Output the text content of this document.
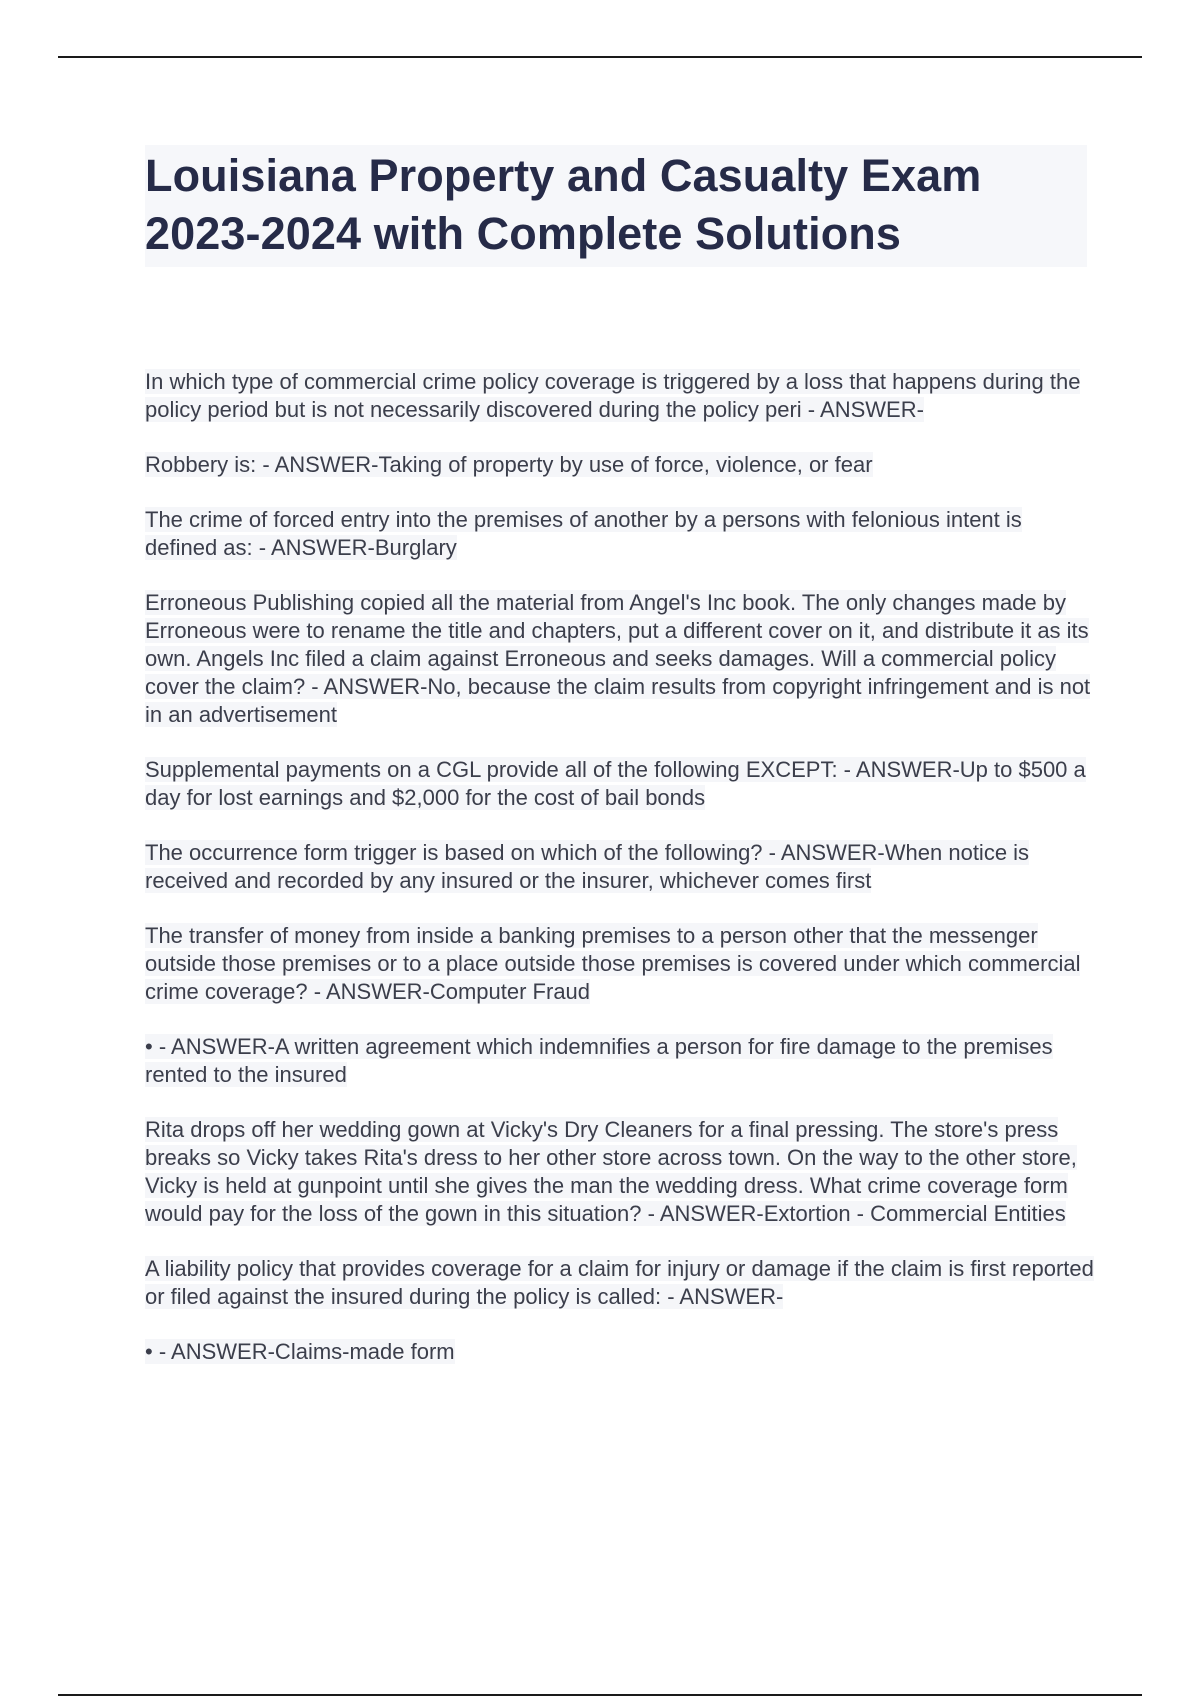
Louisiana Property and Casualty Exam 2023-2024 with Complete Solutions

In which type of commercial crime policy coverage is triggered by a loss that happens during the policy period but is not necessarily discovered during the policy peri - ANSWER-

Robbery is: - ANSWER-Taking of property by use of force, violence, or fear

The crime of forced entry into the premises of another by a persons with felonious intent is defined as: - ANSWER-Burglary

Erroneous Publishing copied all the material from Angel's Inc book. The only changes made by Erroneous were to rename the title and chapters, put a different cover on it, and distribute it as its own. Angels Inc filed a claim against Erroneous and seeks damages. Will a commercial policy cover the claim? - ANSWER-No, because the claim results from copyright infringement and is not in an advertisement

Supplemental payments on a CGL provide all of the following EXCEPT: - ANSWER-Up to $500 a day for lost earnings and $2,000 for the cost of bail bonds

The occurrence form trigger is based on which of the following? - ANSWER-When notice is received and recorded by any insured or the insurer, whichever comes first

The transfer of money from inside a banking premises to a person other that the messenger outside those premises or to a place outside those premises is covered under which commercial crime coverage? - ANSWER-Computer Fraud

• - ANSWER-A written agreement which indemnifies a person for fire damage to the premises rented to the insured

Rita drops off her wedding gown at Vicky's Dry Cleaners for a final pressing. The store's press breaks so Vicky takes Rita's dress to her other store across town. On the way to the other store, Vicky is held at gunpoint until she gives the man the wedding dress. What crime coverage form would pay for the loss of the gown in this situation? - ANSWER-Extortion - Commercial Entities

A liability policy that provides coverage for a claim for injury or damage if the claim is first reported or filed against the insured during the policy is called: - ANSWER-

• - ANSWER-Claims-made form
